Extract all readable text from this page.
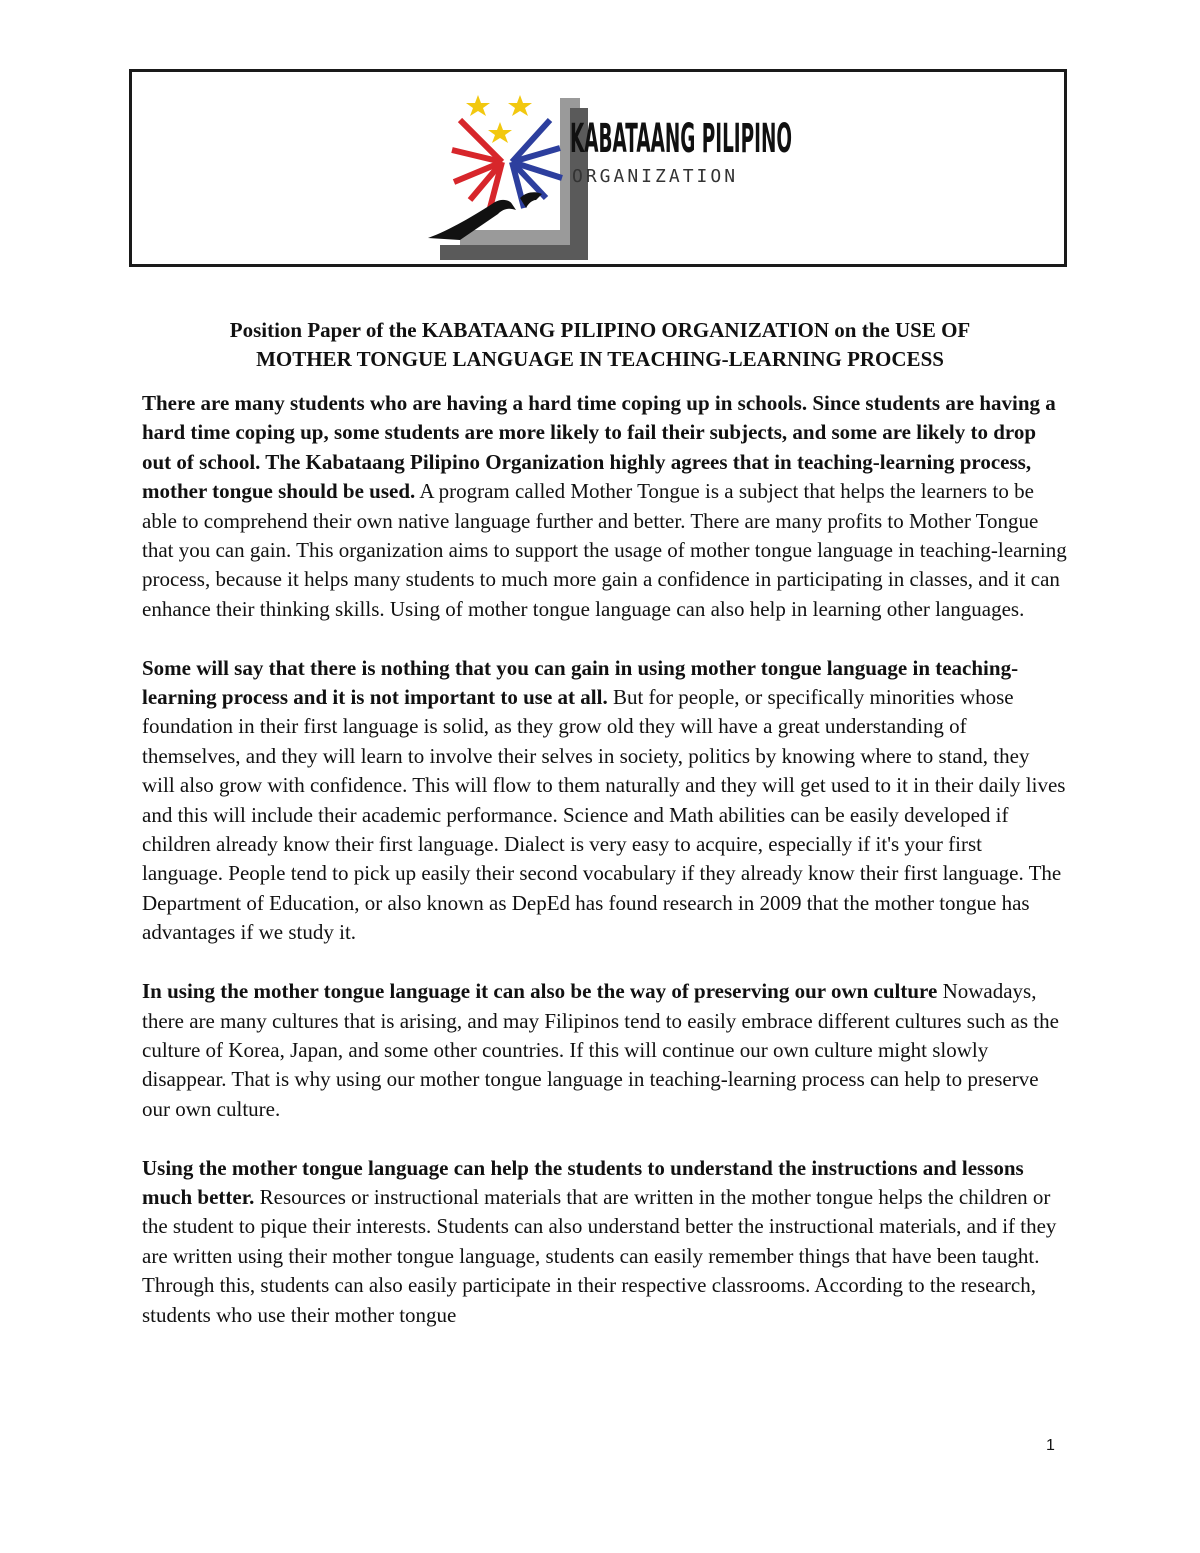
KABATAANG PILIPINO
ORGANIZATION
Position Paper of the KABATAANG PILIPINO ORGANIZATION on the USE OF
MOTHER TONGUE LANGUAGE IN TEACHING-LEARNING PROCESS

There are many students who are having a hard time coping up in schools. Since students are having a hard time coping up, some students are more likely to fail their subjects, and some are likely to drop out of school. The Kabataang Pilipino Organization highly agrees that in teaching-learning process, mother tongue should be used. A program called Mother Tongue is a subject that helps the learners to be able to comprehend their own native language further and better. There are many profits to Mother Tongue that you can gain. This organization aims to support the usage of mother tongue language in teaching-learning process, because it helps many students to much more gain a confidence in participating in classes, and it can enhance their thinking skills. Using of mother tongue language can also help in learning other languages.

Some will say that there is nothing that you can gain in using mother tongue language in teaching-learning process and it is not important to use at all. But for people, or specifically minorities whose foundation in their first language is solid, as they grow old they will have a great understanding of themselves, and they will learn to involve their selves in society, politics by knowing where to stand, they will also grow with confidence. This will flow to them naturally and they will get used to it in their daily lives and this will include their academic performance. Science and Math abilities can be easily developed if children already know their first language. Dialect is very easy to acquire, especially if it's your first language. People tend to pick up easily their second vocabulary if they already know their first language. The Department of Education, or also known as DepEd has found research in 2009 that the mother tongue has advantages if we study it.

In using the mother tongue language it can also be the way of preserving our own culture Nowadays, there are many cultures that is arising, and may Filipinos tend to easily embrace different cultures such as the culture of Korea, Japan, and some other countries. If this will continue our own culture might slowly disappear. That is why using our mother tongue language in teaching-learning process can help to preserve our own culture.

Using the mother tongue language can help the students to understand the instructions and lessons much better. Resources or instructional materials that are written in the mother tongue helps the children or the student to pique their interests. Students can also understand better the instructional materials, and if they are written using their mother tongue language, students can easily remember things that have been taught. Through this, students can also easily participate in their respective classrooms. According to the research, students who use their mother tongue

1
